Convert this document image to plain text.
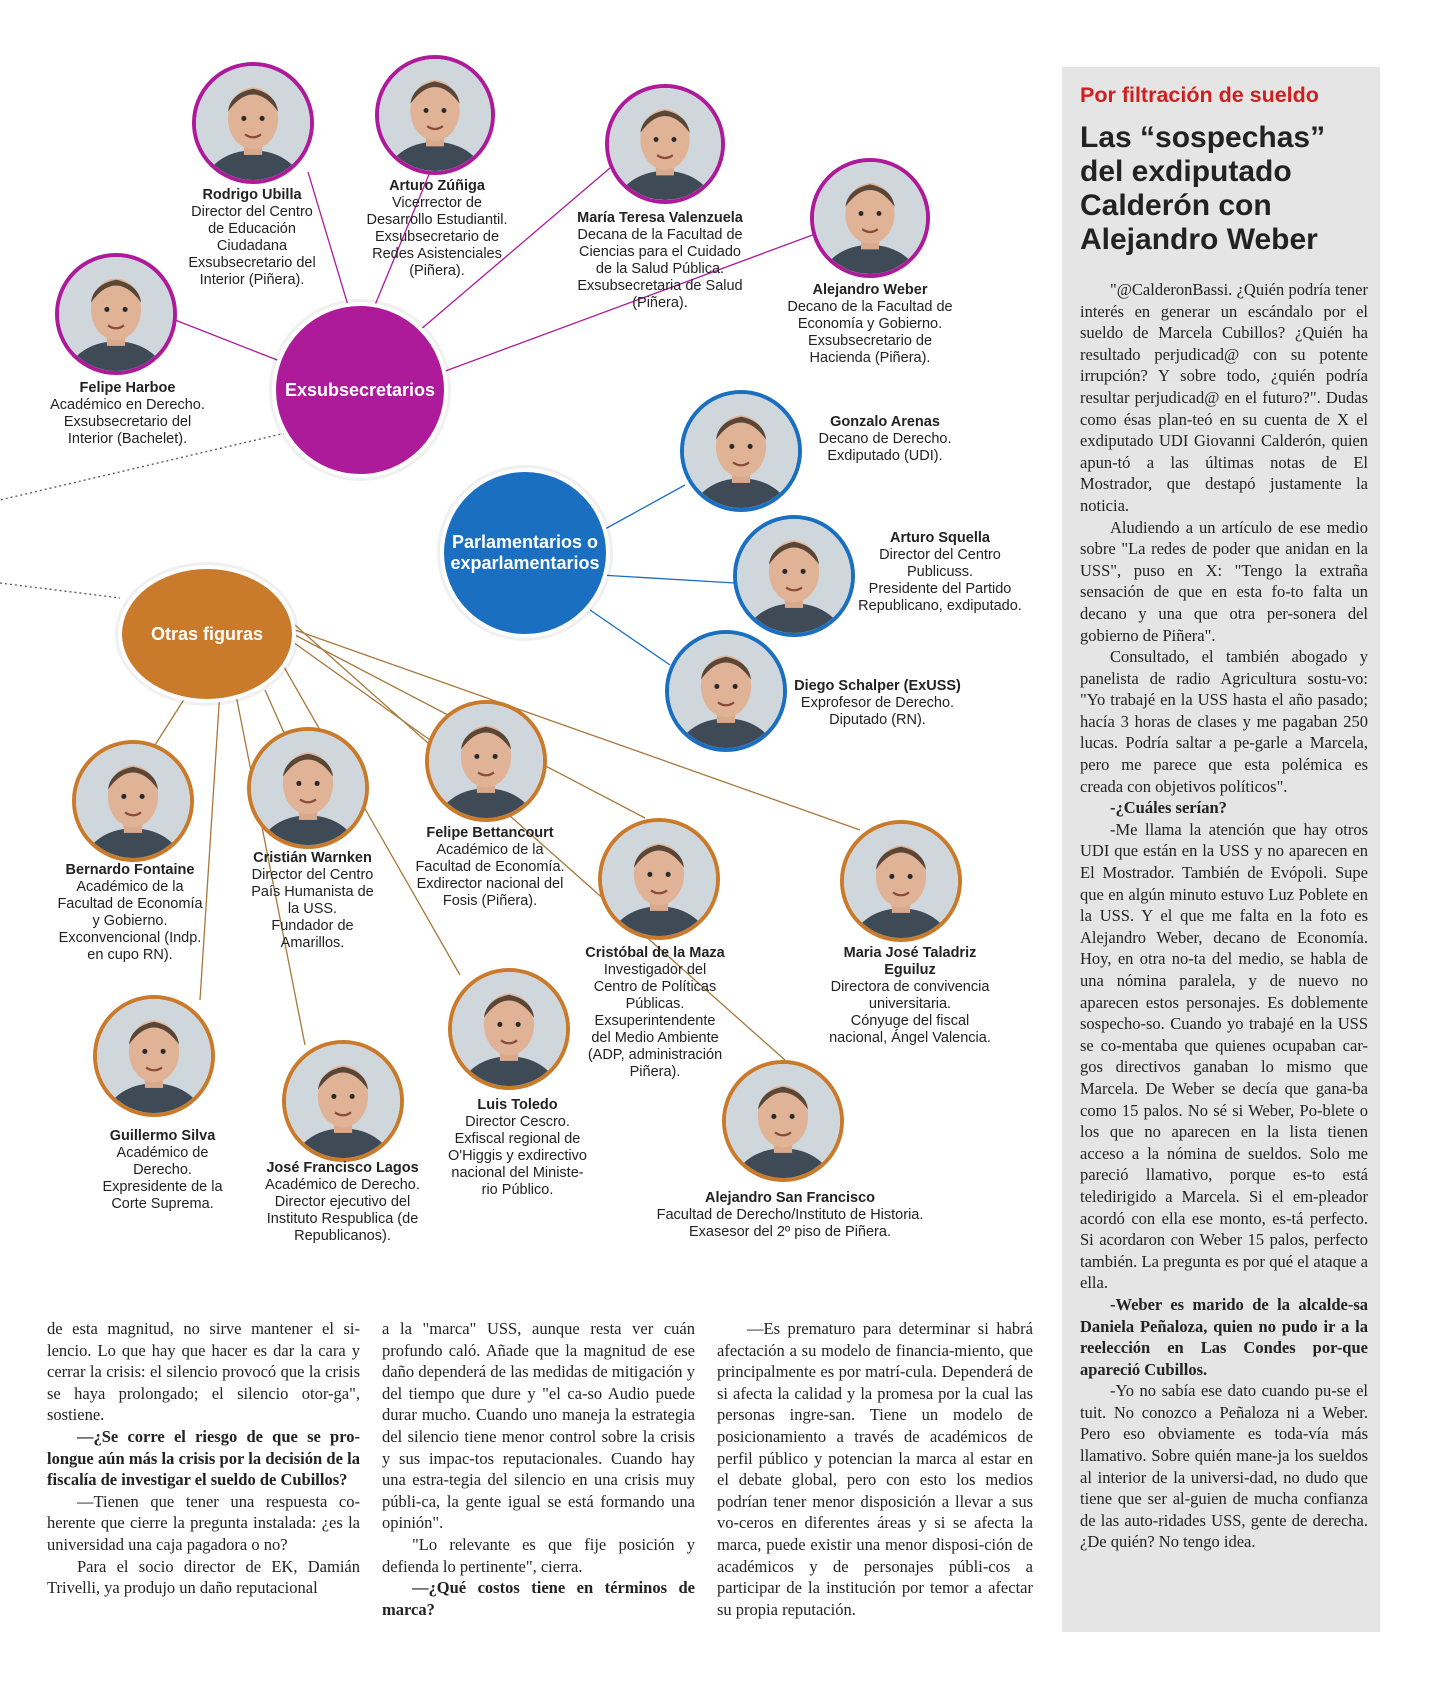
Exsubsecretarios
Parlamentarios o exparlamentarios
Otras figuras
Rodrigo Ubilla
Director del Centro
de Educación
Ciudadana
Exsubsecretario del
Interior (Piñera).
Arturo Zúñiga
Vicerrector de
Desarrollo Estudiantil.
Exsubsecretario de
Redes Asistenciales
(Piñera).
María Teresa Valenzuela
Decana de la Facultad de
Ciencias para el Cuidado
de la Salud Pública.
Exsubsecretaria de Salud
(Piñera).
Alejandro Weber
Decano de la Facultad de
Economía y Gobierno.
Exsubsecretario de
Hacienda (Piñera).
Felipe Harboe
Académico en Derecho.
Exsubsecretario del
Interior (Bachelet).
Gonzalo Arenas
Decano de Derecho.
Exdiputado (UDI).
Arturo Squella
Director del Centro
Publicuss.
Presidente del Partido
Republicano, exdiputado.
Diego Schalper (ExUSS)
Exprofesor de Derecho.
Diputado (RN).
Bernardo Fontaine
Académico de la
Facultad de Economía
y Gobierno.
Exconvencional (Indp.
en cupo RN).
Cristián Warnken
Director del Centro
País Humanista de
la USS.
Fundador de
Amarillos.
Felipe Bettancourt
Académico de la
Facultad de Economía.
Exdirector nacional del
Fosis (Piñera).
Cristóbal de la Maza
Investigador del
Centro de Políticas
Públicas.
Exsuperintendente
del Medio Ambiente
(ADP, administración
Piñera).
Maria José Taladriz
Eguiluz
Directora de convivencia
universitaria.
Cónyuge del fiscal
nacional, Ángel Valencia.
Guillermo Silva
Académico de
Derecho.
Expresidente de la
Corte Suprema.
José Francisco Lagos
Académico de Derecho.
Director ejecutivo del
Instituto Respublica (de
Republicanos).
Luis Toledo
Director Cescro.
Exfiscal regional de
O'Higgis y exdirectivo
nacional del Ministe-
rio Público.	Alejandro San Francisco
Facultad de Derecho/Instituto de Historia.
Exasesor del 2º piso de Piñera.

de esta magnitud, no sirve mantener el si-lencio. Lo que hay que hacer es dar la cara y cerrar la crisis: el silencio provocó que la crisis se haya prolongado; el silencio otor-ga", sostiene.

—¿Se corre el riesgo de que se pro-longue aún más la crisis por la decisión de la fiscalía de investigar el sueldo de Cubillos?

—Tienen que tener una respuesta co-herente que cierre la pregunta instalada: ¿es la universidad una caja pagadora o no?

Para el socio director de EK, Damián Trivelli, ya produjo un daño reputacional

a la "marca" USS, aunque resta ver cuán profundo caló. Añade que la magnitud de ese daño dependerá de las medidas de mitigación y del tiempo que dure y "el ca-so Audio puede durar mucho. Cuando uno maneja la estrategia del silencio tiene menor control sobre la crisis y sus impac-tos reputacionales. Cuando hay una estra-tegia del silencio en una crisis muy públi-ca, la gente igual se está formando una opinión".

"Lo relevante es que fije posición y defienda lo pertinente", cierra.

—¿Qué costos tiene en términos de marca?

—Es prematuro para determinar si habrá afectación a su modelo de financia-miento, que principalmente es por matrí-cula. Dependerá de si afecta la calidad y la promesa por la cual las personas ingre-san. Tiene un modelo de posicionamiento a través de académicos de perfil público y potencian la marca al estar en el debate global, pero con esto los medios podrían tener menor disposición a llevar a sus vo-ceros en diferentes áreas y si se afecta la marca, puede existir una menor disposi-ción de académicos y de personajes públi-cos a participar de la institución por temor a afectar su propia reputación.

Por filtración de sueldo
Las “sospechas” del exdiputado Calderón con Alejandro Weber

"@CalderonBassi. ¿Quién podría tener interés en generar un escándalo por el sueldo de Marcela Cubillos? ¿Quién ha resultado perjudicad@ con su potente irrupción? Y sobre todo, ¿quién podría resultar perjudicad@ en el futuro?". Dudas como ésas plan-teó en su cuenta de X el exdiputado UDI Giovanni Calderón, quien apun-tó a las últimas notas de El Mostrador, que destapó justamente la noticia.

Aludiendo a un artículo de ese medio sobre "La redes de poder que anidan en la USS", puso en X: "Tengo la extraña sensación de que en esta fo-to falta un decano y una que otra per-sonera del gobierno de Piñera".

Consultado, el también abogado y panelista de radio Agricultura sostu-vo: "Yo trabajé en la USS hasta el año pasado; hacía 3 horas de clases y me pagaban 250 lucas. Podría saltar a pe-garle a Marcela, pero me parece que esta polémica es creada con objetivos políticos".

-¿Cuáles serían?

-Me llama la atención que hay otros UDI que están en la USS y no aparecen en El Mostrador. También de Evópoli. Supe que en algún minuto estuvo Luz Poblete en la USS. Y el que me falta en la foto es Alejandro Weber, decano de Economía. Hoy, en otra no-ta del medio, se habla de una nómina paralela, y de nuevo no aparecen estos personajes. Es doblemente sospecho-so. Cuando yo trabajé en la USS se co-mentaba que quienes ocupaban car-gos directivos ganaban lo mismo que Marcela. De Weber se decía que gana-ba como 15 palos. No sé si Weber, Po-blete o los que no aparecen en la lista tienen acceso a la nómina de sueldos. Solo me pareció llamativo, porque es-to está teledirigido a Marcela. Si el em-pleador acordó con ella ese monto, es-tá perfecto. Si acordaron con Weber 15 palos, perfecto también. La pregunta es por qué el ataque a ella.

-Weber es marido de la alcalde-sa Daniela Peñaloza, quien no pudo ir a la reelección en Las Condes por-que apareció Cubillos.

-Yo no sabía ese dato cuando pu-se el tuit. No conozco a Peñaloza ni a Weber. Pero eso obviamente es toda-vía más llamativo. Sobre quién mane-ja los sueldos al interior de la universi-dad, no dudo que tiene que ser al-guien de mucha confianza de las auto-ridades USS, gente de derecha. ¿De quién? No tengo idea.
